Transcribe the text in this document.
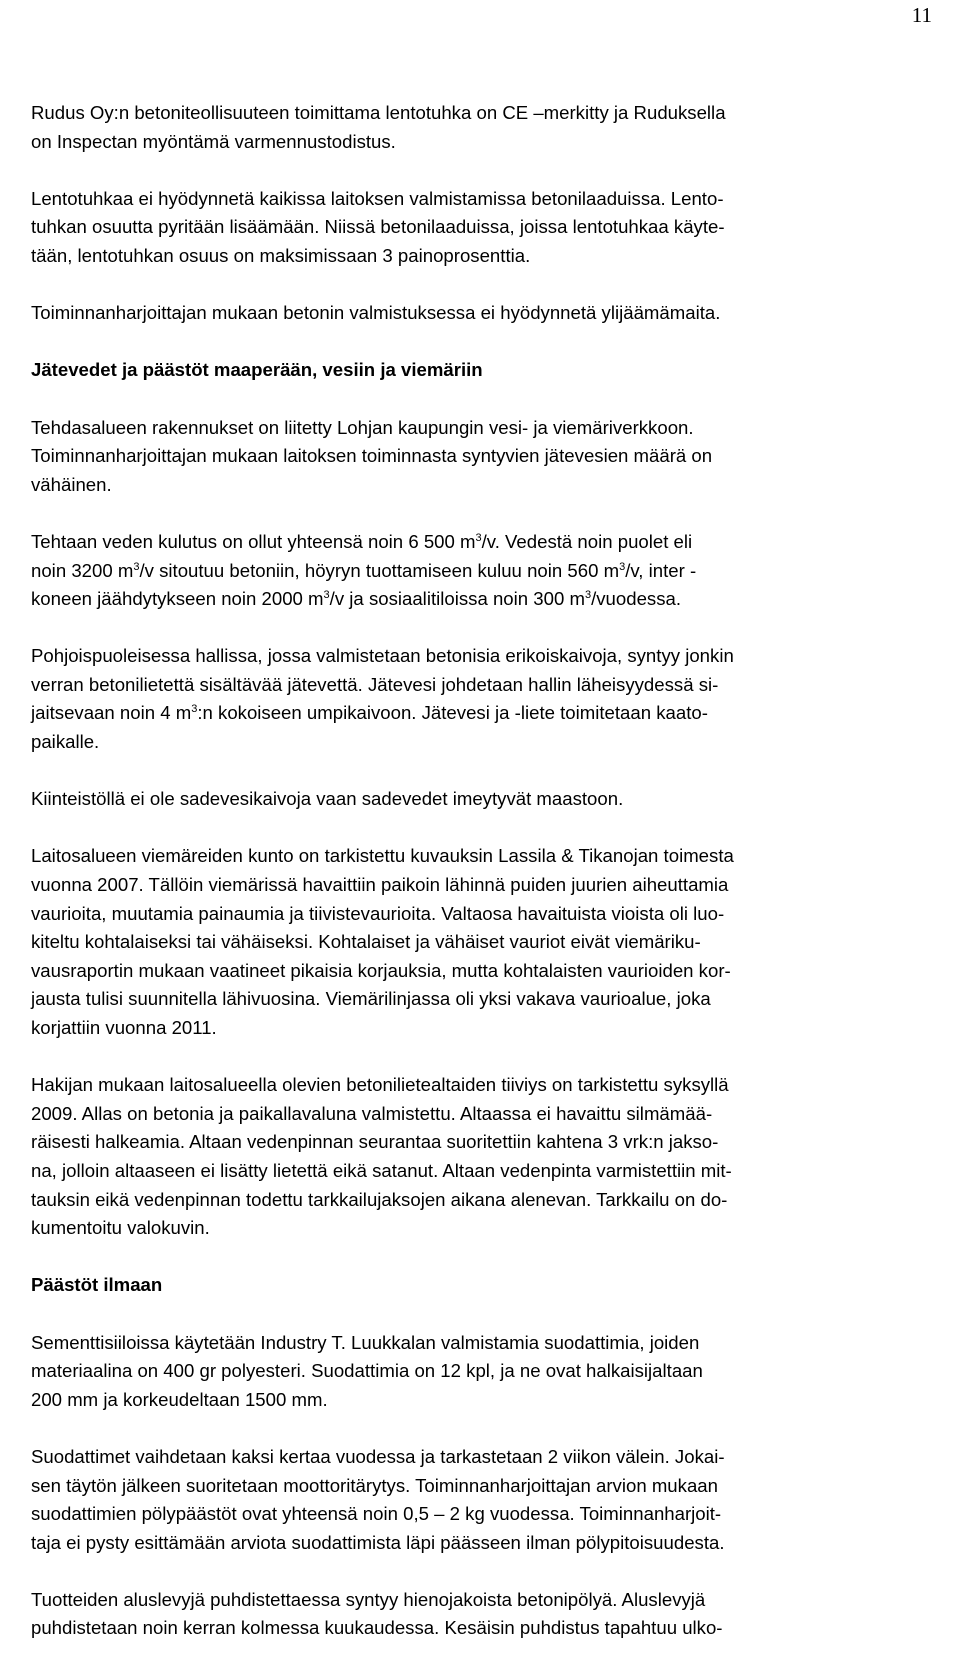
11

Rudus Oy:n betoniteollisuuteen toimittama lentotuhka on CE –merkitty ja Ruduksella
on Inspectan myöntämä varmennustodistus.

Lentotuhkaa ei hyödynnetä kaikissa laitoksen valmistamissa betonilaaduissa. Lento-
tuhkan osuutta pyritään lisäämään. Niissä betonilaaduissa, joissa lentotuhkaa käyte-
tään, lentotuhkan osuus on maksimissaan 3 painoprosenttia.

Toiminnanharjoittajan mukaan betonin valmistuksessa ei hyödynnetä ylijäämämaita.

Jätevedet ja päästöt maaperään, vesiin ja viemäriin

Tehdasalueen rakennukset on liitetty Lohjan kaupungin vesi- ja viemäriverkkoon.
Toiminnanharjoittajan mukaan laitoksen toiminnasta syntyvien jätevesien määrä on
vähäinen.

Tehtaan veden kulutus on ollut yhteensä noin 6 500 $m^3/v$. Vedestä noin puolet eli
noin 3200 $m^3/v$ sitoutuu betoniin, höyryn tuottamiseen kuluu noin 560 $m^3/v$, inter -
koneen jäähdytykseen noin 2000 $m^3/v$ ja sosiaalitiloissa noin 300 $m^3$/vuodessa.

Pohjoispuoleisessa hallissa, jossa valmistetaan betonisia erikoiskaivoja, syntyy jonkin
verran betonilietettä sisältävää jätevettä. Jätevesi johdetaan hallin läheisyydessä si-
jaitsevaan noin 4 $m^3:n$ kokoiseen umpikaivoon. Jätevesi ja -liete toimitetaan kaato-
paikalle.

Kiinteistöllä ei ole sadevesikaivoja vaan sadevedet imeytyvät maastoon.

Laitosalueen viemäreiden kunto on tarkistettu kuvauksin Lassila & Tikanojan toimesta
vuonna 2007. Tällöin viemärissä havaittiin paikoin lähinnä puiden juurien aiheuttamia
vaurioita, muutamia painaumia ja tiivistevaurioita. Valtaosa havaituista vioista oli luo-
kiteltu kohtalaiseksi tai vähäiseksi. Kohtalaiset ja vähäiset vauriot eivät viemäriku-
vausraportin mukaan vaatineet pikaisia korjauksia, mutta kohtalaisten vaurioiden kor-
jausta tulisi suunnitella lähivuosina. Viemärilinjassa oli yksi vakava vaurioalue, joka
korjattiin vuonna 2011.

Hakijan mukaan laitosalueella olevien betonilietealtaiden tiiviys on tarkistettu syksyllä
2009. Allas on betonia ja paikallavaluna valmistettu. Altaassa ei havaittu silmämää-
räisesti halkeamia. Altaan vedenpinnan seurantaa suoritettiin kahtena 3 vrk:n jakso-
na, jolloin altaaseen ei lisätty lietettä eikä satanut. Altaan vedenpinta varmistettiin mit-
tauksin eikä vedenpinnan todettu tarkkailujaksojen aikana alenevan. Tarkkailu on do-
kumentoitu valokuvin.

Päästöt ilmaan

Sementtisiiloissa käytetään Industry T. Luukkalan valmistamia suodattimia, joiden
materiaalina on 400 gr polyesteri. Suodattimia on 12 kpl, ja ne ovat halkaisijaltaan
200 mm ja korkeudeltaan 1500 mm.

Suodattimet vaihdetaan kaksi kertaa vuodessa ja tarkastetaan 2 viikon välein. Jokai-
sen täytön jälkeen suoritetaan moottoritärytys. Toiminnanharjoittajan arvion mukaan
suodattimien pölypäästöt ovat yhteensä noin 0,5 – 2 kg vuodessa. Toiminnanharjoit-
taja ei pysty esittämään arviota suodattimista läpi päässeen ilman pölypitoisuudesta.

Tuotteiden aluslevyjä puhdistettaessa syntyy hienojakoista betonipölyä. Aluslevyjä
puhdistetaan noin kerran kolmessa kuukaudessa. Kesäisin puhdistus tapahtuu ulko-
